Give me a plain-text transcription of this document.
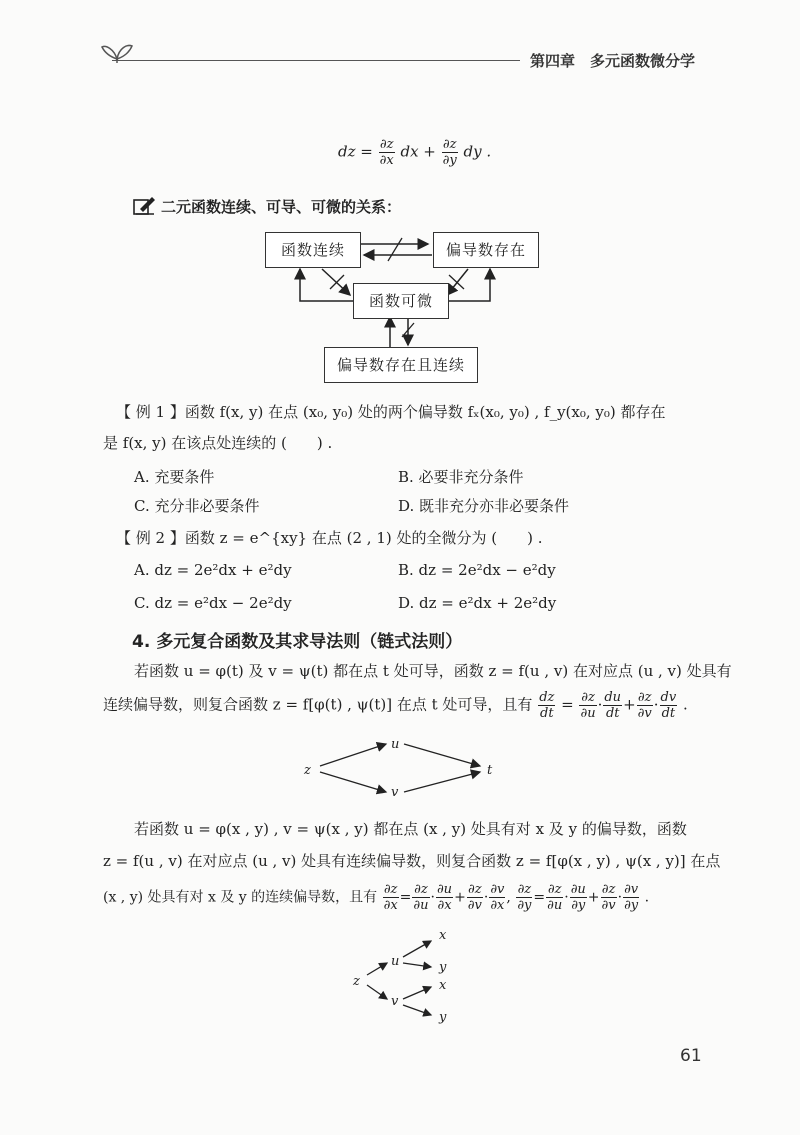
第四章　多元函数微分学
dz = $\frac{\partial z}{\partial x}$ dx + $\frac{\partial z}{\partial y}$ dy .
二元函数连续、可导、可微的关系：
函数连续	偏导数存在
函数可微
偏导数存在且连续
【 例 1 】函数 f(x, y) 在点 (x₀, y₀) 处的两个偏导数 fₓ(x₀, y₀) , f_y(x₀, y₀) 都存在
是 f(x, y) 在该点处连续的 (　　) .
A. 充要条件	B. 必要非充分条件
C. 充分非必要条件	D. 既非充分亦非必要条件
【 例 2 】函数 z = e^{xy} 在点 (2 , 1) 处的全微分为 (　　) .
A. dz = 2e²dx + e²dy	B. dz = 2e²dx − e²dy
C. dz = e²dx − 2e²dy	D. dz = e²dx + 2e²dy
4. 多元复合函数及其求导法则（链式法则）
若函数 u = φ(t) 及 v = ψ(t) 都在点 t 处可导，函数 z = f(u , v) 在对应点 (u , v) 处具有
连续偏导数，则复合函数 z = f[φ(t) , ψ(t)] 在点 t 处可导，且有 $\frac{dz}{dt} = \frac{\partial z}{\partial u} \cdot \frac{du}{dt} + \frac{\partial z}{\partial v} \cdot \frac{dv}{dt}$ .
z
u
v
t
若函数 u = φ(x , y) , v = ψ(x , y) 都在点 (x , y) 处具有对 x 及 y 的偏导数，函数
z = f(u , v) 在对应点 (u , v) 处具有连续偏导数，则复合函数 z = f[φ(x , y) , ψ(x , y)] 在点
(x , y) 处具有对 x 及 y 的连续偏导数，且有 $\frac{\partial z}{\partial x} = \frac{\partial z}{\partial u} \cdot \frac{\partial u}{\partial x} + \frac{\partial z}{\partial v} \cdot \frac{\partial v}{\partial x}$ , $\frac{\partial z}{\partial y} = \frac{\partial z}{\partial u} \cdot \frac{\partial u}{\partial y} + \frac{\partial z}{\partial v} \cdot \frac{\partial v}{\partial y}$ .
z
u
v
x
y
x
y
61
